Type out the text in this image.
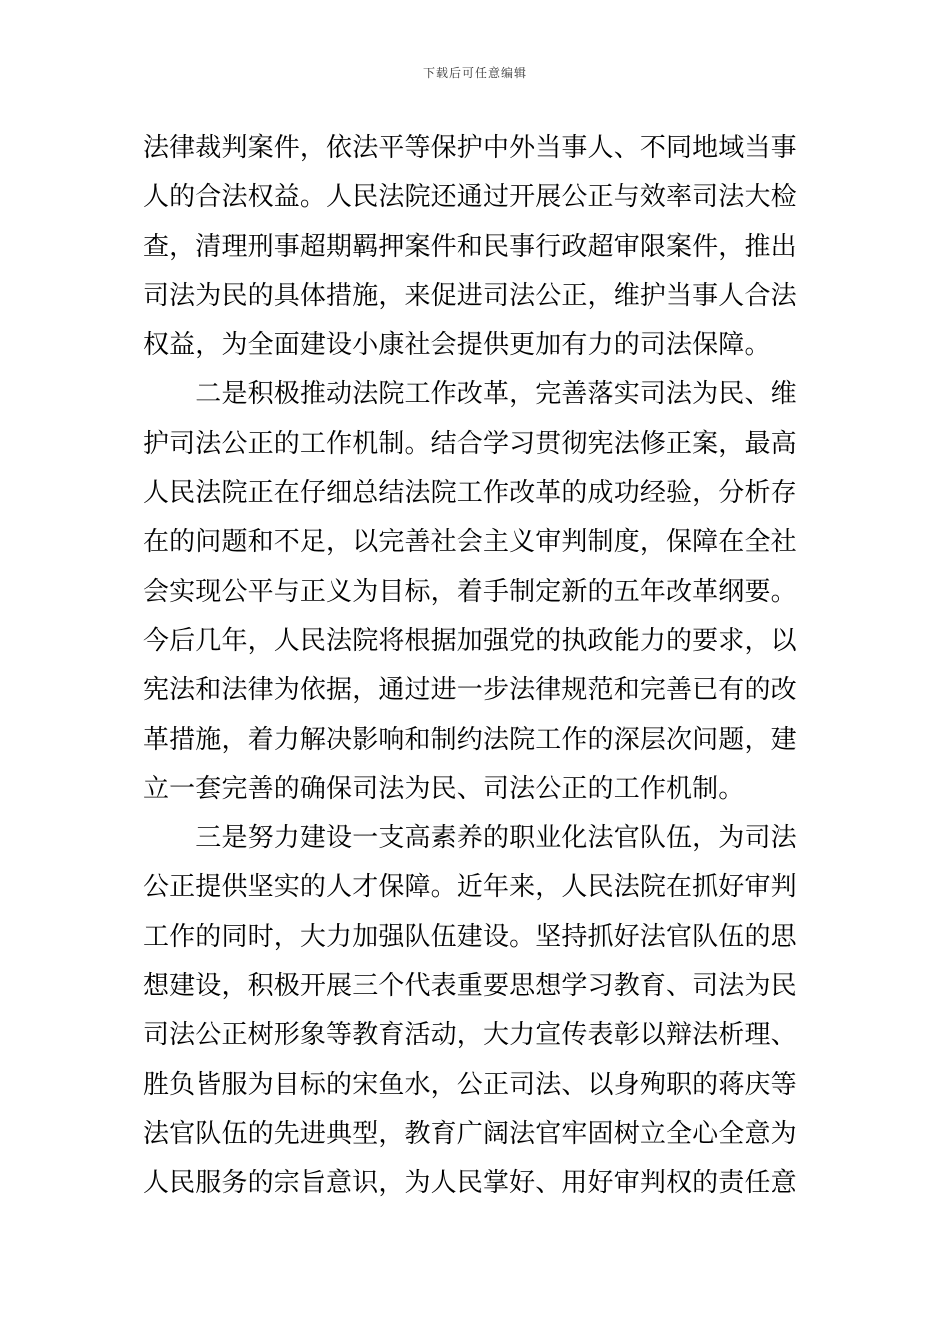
下载后可任意编辑
法律裁判案件，依法平等保护中外当事人、不同地域当事
人的合法权益。人民法院还通过开展公正与效率司法大检
查，清理刑事超期羁押案件和民事行政超审限案件，推出
司法为民的具体措施，来促进司法公正，维护当事人合法
权益，为全面建设小康社会提供更加有力的司法保障。
　　二是积极推动法院工作改革，完善落实司法为民、维
护司法公正的工作机制。结合学习贯彻宪法修正案，最高
人民法院正在仔细总结法院工作改革的成功经验，分析存
在的问题和不足，以完善社会主义审判制度，保障在全社
会实现公平与正义为目标，着手制定新的五年改革纲要。
今后几年，人民法院将根据加强党的执政能力的要求，以
宪法和法律为依据，通过进一步法律规范和完善已有的改
革措施，着力解决影响和制约法院工作的深层次问题，建
立一套完善的确保司法为民、司法公正的工作机制。
　　三是努力建设一支高素养的职业化法官队伍，为司法
公正提供坚实的人才保障。近年来，人民法院在抓好审判
工作的同时，大力加强队伍建设。坚持抓好法官队伍的思
想建设，积极开展三个代表重要思想学习教育、司法为民
司法公正树形象等教育活动，大力宣传表彰以辩法析理、
胜负皆服为目标的宋鱼水，公正司法、以身殉职的蒋庆等
法官队伍的先进典型，教育广阔法官牢固树立全心全意为
人民服务的宗旨意识，为人民掌好、用好审判权的责任意
